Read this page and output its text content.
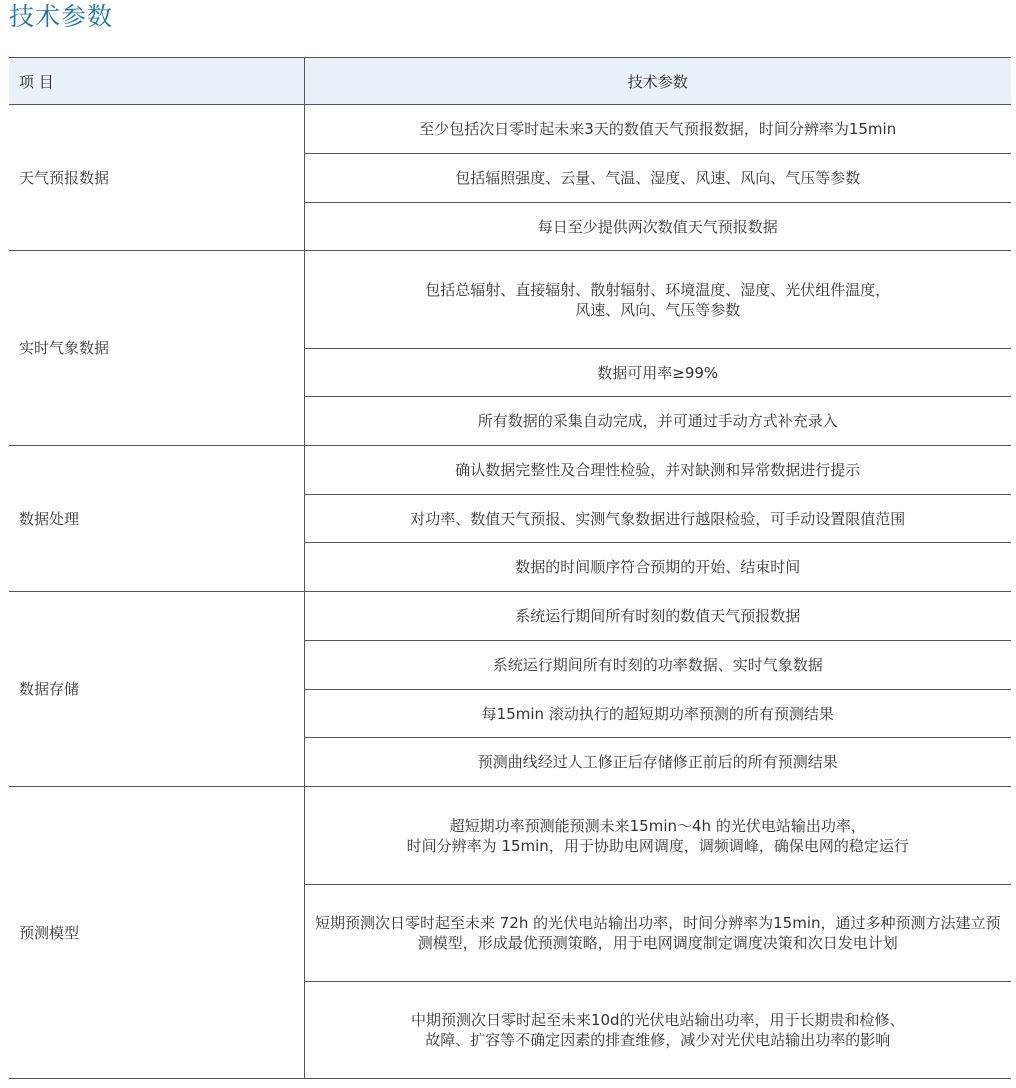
技术参数
项 目	技术参数
天气预报数据	至少包括次日零时起未来3天的数值天气预报数据，时间分辨率为15min
	包括辐照强度、云量、气温、湿度、风速、风向、气压等参数
	每日至少提供两次数值天气预报数据
实时气象数据	包括总辐射、直接辐射、散射辐射、环境温度、湿度、光伏组件温度，
风速、风向、气压等参数
	数据可用率≥99%
	所有数据的采集自动完成，并可通过手动方式补充录入
数据处理	确认数据完整性及合理性检验，并对缺测和异常数据进行提示
	对功率、数值天气预报、实测气象数据进行越限检验，可手动设置限值范围
	数据的时间顺序符合预期的开始、结束时间
数据存储	系统运行期间所有时刻的数值天气预报数据
	系统运行期间所有时刻的功率数据、实时气象数据
	每15min 滚动执行的超短期功率预测的所有预测结果
	预测曲线经过人工修正后存储修正前后的所有预测结果
预测模型	超短期功率预测能预测未来15min～4h 的光伏电站输出功率，
时间分辨率为 15min，用于协助电网调度，调频调峰，确保电网的稳定运行
	短期预测次日零时起至未来 72h 的光伏电站输出功率，时间分辨率为15min，通过多种预测方法建立预测模型，形成最优预测策略，用于电网调度制定调度决策和次日发电计划
	中期预测次日零时起至未来10d的光伏电站输出功率，用于长期贵和检修、
故障、扩容等不确定因素的排查维修，减少对光伏电站输出功率的影响
